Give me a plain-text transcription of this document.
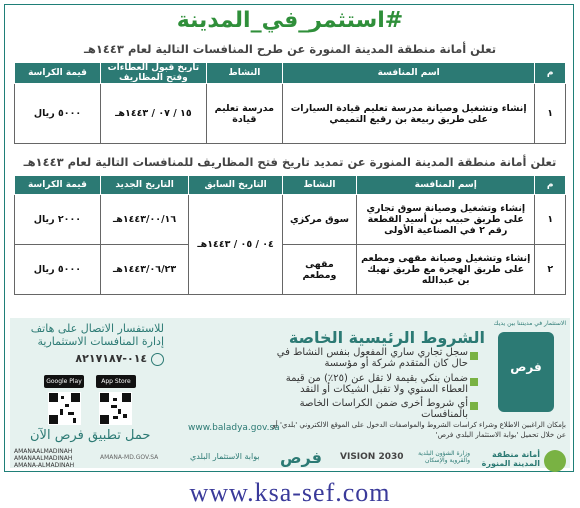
#استثمر_في_المدينة
تعلن أمانة منطقة المدينة المنورة عن طرح المنافسات التالية لعام ١٤٤٣هـ
م	اسم المنافسة	النشاط	تاريخ قبول العطاءات وفتح المظاريف	قيمة الكراسة
١	إنشاء وتشغيل وصيانة مدرسة تعليم قيادة السيارات على طريق ربيعة بن رقيع التميمي	مدرسة تعليم قيادة	١٥ / ٠٧ / ١٤٤٣هـ	٥٠٠٠ ريال
تعلن أمانة منطقة المدينة المنورة عن تمديد تاريخ فتح المظاريف للمنافسات التالية لعام ١٤٤٣هـ
م	إسم المنافسة	النشاط	التاريخ السابق	التاريخ الجديد	قيمة الكراسة
١	إنشاء وتشغيل وصيانة سوق تجاري على طريق حبيب بن أسيد القطعة رقم ٢ في الصناعية الأولى	سوق مركزي	٠٤ / ٠٥ / ١٤٤٣هـ	١٤٤٣/٠٠/١٦هـ	٢٠٠٠ ريال
٢	إنشاء وتشغيل وصيانة مقهى ومطعم على طريق الهجرة مع طريق نهيك بن عبدالله	مقهى ومطعم		١٤٤٣/٠٦/٢٣هـ	٥٠٠٠ ريال
الاستثمار في مدينتنا بين يديك
فرص
الشروط الرئيسية الخاصة
سجل تجاري ساري المفعول بنفس النشاط في حال كان المتقدم شركة أو مؤسسة
ضمان بنكي بقيمة لا تقل عن (٢٥٪) من قيمة العطاء السنوي ولا تقبل الشيكات أو النقد
أي شروط أخرى ضمن الكراسات الخاصة بالمنافسات
للاستفسار الاتصال على هاتف
إدارة المنافسات الاستثمارية
٠١٤-٨٢١٧١٨٧
Google Play	App Store
حمل تطبيق فرص الآن	www.baladya.gov.sa
بإمكان الراغبين الاطلاع وشراء كراسات الشروط والمواصفات الدخول على الموقع الالكتروني 'بلدي' أو عن خلال تحميل 'بوابة الاستثمار البلدي فرص'
AMANAALMADINAH
AMANAALMADINAH
AMANA-ALMADINAH
AMANA-MD.GOV.SA	بوابة الاستثمار البلدي فرص VISION 2030	وزارة الشؤون البلدية والقروية والإسكان
أمانة منطقة المدينة المنورة
www.ksa-sef.com
